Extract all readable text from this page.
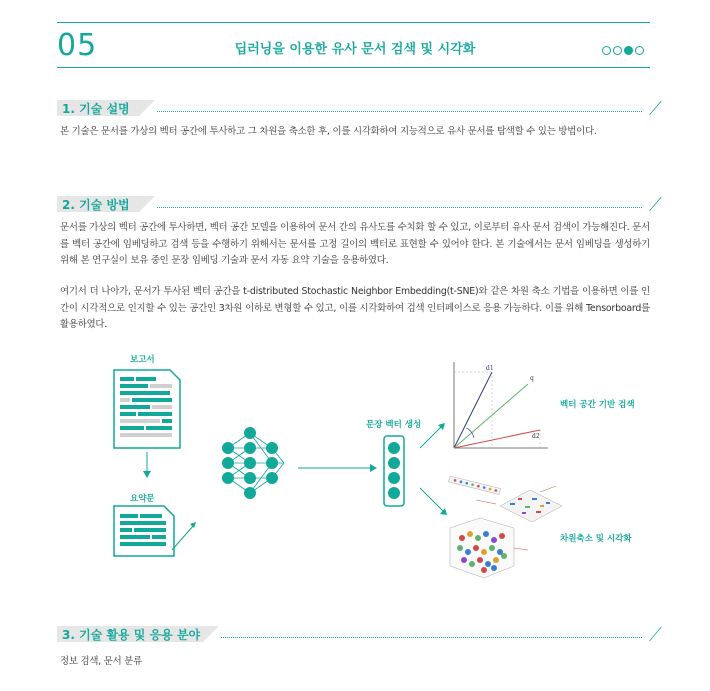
05	딥러닝을 이용한 유사 문서 검색 및 시각화
1. 기술 설명
본 기술은 문서를 가상의 벡터 공간에 투사하고 그 차원을 축소한 후, 이를 시각화하여 지능적으로 유사 문서를 탐색할 수 있는 방법이다.
2. 기술 방법
문서를 가상의 벡터 공간에 투사하면, 벡터 공간 모델을 이용하여 문서 간의 유사도를 수치화 할 수 있고, 이로부터 유사 문서 검색이 가능해진다. 문서를 벡터 공간에 임베딩하고 검색 등을 수행하기 위해서는 문서를 고정 길이의 벡터로 표현할 수 있어야 한다. 본 기술에서는 문서 임베딩을 생성하기 위해 본 연구실이 보유 중인 문장 임베딩 기술과 문서 자동 요약 기술을 응용하였다.
여기서 더 나아가, 문서가 투사된 벡터 공간을 t-distributed Stochastic Neighbor Embedding(t-SNE)와 같은 차원 축소 기법을 이용하면 이를 인간이 시각적으로 인지할 수 있는 공간인 3차원 이하로 변형할 수 있고, 이를 시각화하여 검색 인터페이스로 응용 가능하다. 이를 위해 Tensorboard를 활용하였다.
d1
q
d2
보고서
요약문
문장 벡터 생성
벡터 공간 기반 검색
차원축소 및 시각화
3. 기술 활용 및 응용 분야
정보 검색, 문서 분류
